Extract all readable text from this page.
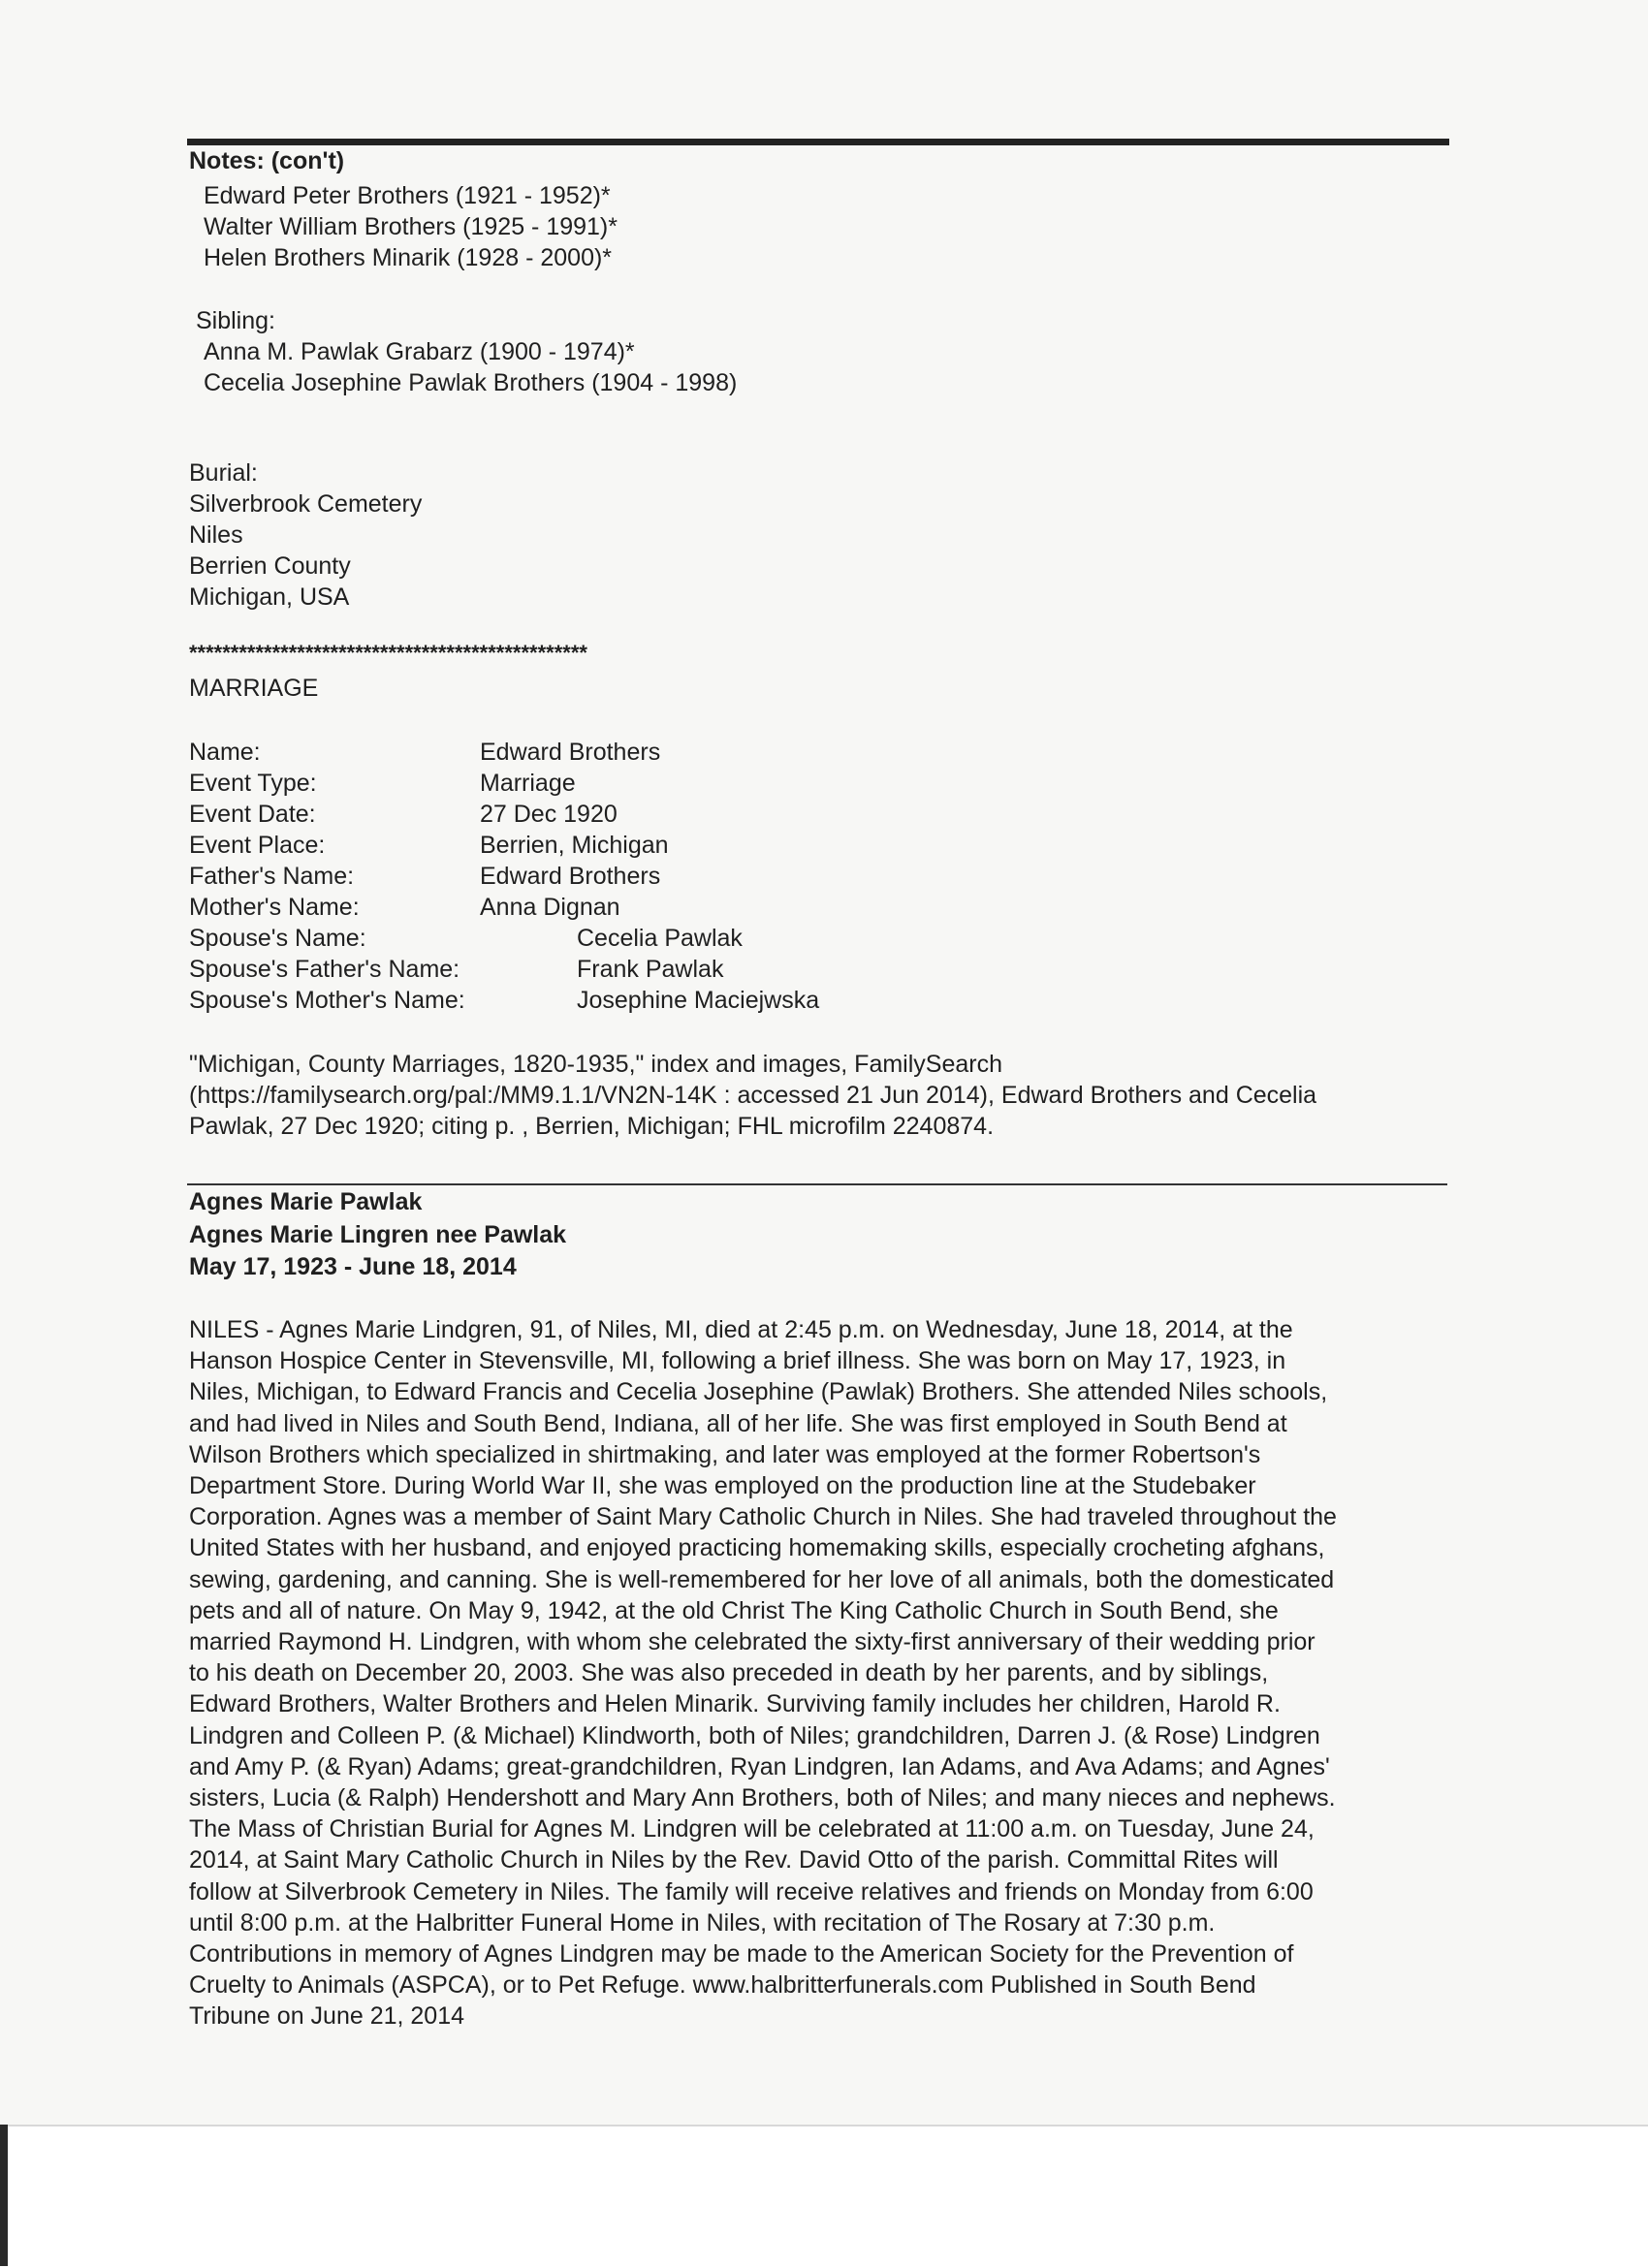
Notes: (con't)
Edward Peter Brothers (1921 - 1952)*
Walter William Brothers (1925 - 1991)*
Helen Brothers Minarik (1928 - 2000)*
Sibling:
Anna M. Pawlak Grabarz (1900 - 1974)*
Cecelia Josephine Pawlak Brothers (1904 - 1998)
Burial:
Silverbrook Cemetery
Niles
Berrien County
Michigan, USA
************************************************
MARRIAGE
Name:	Edward Brothers
Event Type:	Marriage
Event Date:	27 Dec 1920
Event Place:	Berrien, Michigan
Father's Name:	Edward Brothers
Mother's Name:	Anna Dignan
Spouse's Name:	Cecelia Pawlak
Spouse's Father's Name:	Frank Pawlak
Spouse's Mother's Name:	Josephine Maciejwska
"Michigan, County Marriages, 1820-1935," index and images, FamilySearch
(https://familysearch.org/pal:/MM9.1.1/VN2N-14K : accessed 21 Jun 2014), Edward Brothers and Cecelia
Pawlak, 27 Dec 1920; citing p. , Berrien, Michigan; FHL microfilm 2240874.
Agnes Marie Pawlak
Agnes Marie Lingren nee Pawlak
May 17, 1923 - June 18, 2014
NILES - Agnes Marie Lindgren, 91, of Niles, MI, died at 2:45 p.m. on Wednesday, June 18, 2014, at the
Hanson Hospice Center in Stevensville, MI, following a brief illness. She was born on May 17, 1923, in
Niles, Michigan, to Edward Francis and Cecelia Josephine (Pawlak) Brothers. She attended Niles schools,
and had lived in Niles and South Bend, Indiana, all of her life. She was first employed in South Bend at
Wilson Brothers which specialized in shirtmaking, and later was employed at the former Robertson's
Department Store. During World War II, she was employed on the production line at the Studebaker
Corporation. Agnes was a member of Saint Mary Catholic Church in Niles. She had traveled throughout the
United States with her husband, and enjoyed practicing homemaking skills, especially crocheting afghans,
sewing, gardening, and canning. She is well-remembered for her love of all animals, both the domesticated
pets and all of nature. On May 9, 1942, at the old Christ The King Catholic Church in South Bend, she
married Raymond H. Lindgren, with whom she celebrated the sixty-first anniversary of their wedding prior
to his death on December 20, 2003. She was also preceded in death by her parents, and by siblings,
Edward Brothers, Walter Brothers and Helen Minarik. Surviving family includes her children, Harold R.
Lindgren and Colleen P. (& Michael) Klindworth, both of Niles; grandchildren, Darren J. (& Rose) Lindgren
and Amy P. (& Ryan) Adams; great-grandchildren, Ryan Lindgren, Ian Adams, and Ava Adams; and Agnes'
sisters, Lucia (& Ralph) Hendershott and Mary Ann Brothers, both of Niles; and many nieces and nephews.
The Mass of Christian Burial for Agnes M. Lindgren will be celebrated at 11:00 a.m. on Tuesday, June 24,
2014, at Saint Mary Catholic Church in Niles by the Rev. David Otto of the parish. Committal Rites will
follow at Silverbrook Cemetery in Niles. The family will receive relatives and friends on Monday from 6:00
until 8:00 p.m. at the Halbritter Funeral Home in Niles, with recitation of The Rosary at 7:30 p.m.
Contributions in memory of Agnes Lindgren may be made to the American Society for the Prevention of
Cruelty to Animals (ASPCA), or to Pet Refuge. www.halbritterfunerals.com Published in South Bend
Tribune on June 21, 2014
